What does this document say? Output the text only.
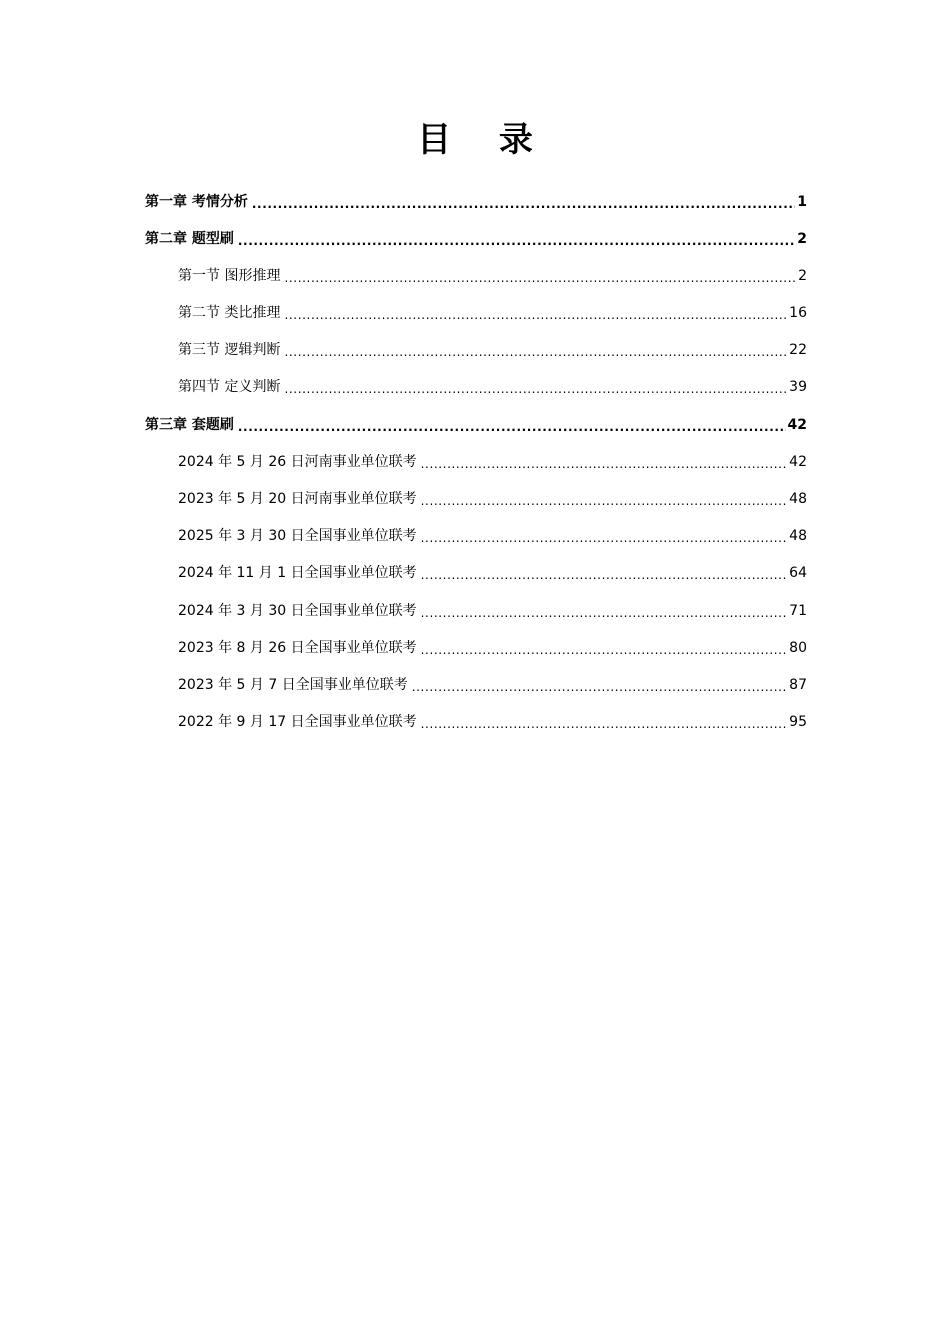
目 录
第一章 考情分析 .....	1
第二章 题型刷 .....	2
第一节 图形推理 .....	2
第二节 类比推理 .....	16
第三节 逻辑判断 .....	22
第四节 定义判断 .....	39
第三章 套题刷 .....	42
2024 年 5 月 26 日河南事业单位联考 .....	42
2023 年 5 月 20 日河南事业单位联考 .....	48
2025 年 3 月 30 日全国事业单位联考 .....	48
2024 年 11 月 1 日全国事业单位联考 .....	64
2024 年 3 月 30 日全国事业单位联考 .....	71
2023 年 8 月 26 日全国事业单位联考 .....	80
2023 年 5 月 7 日全国事业单位联考 .....	87
2022 年 9 月 17 日全国事业单位联考 .....	95
